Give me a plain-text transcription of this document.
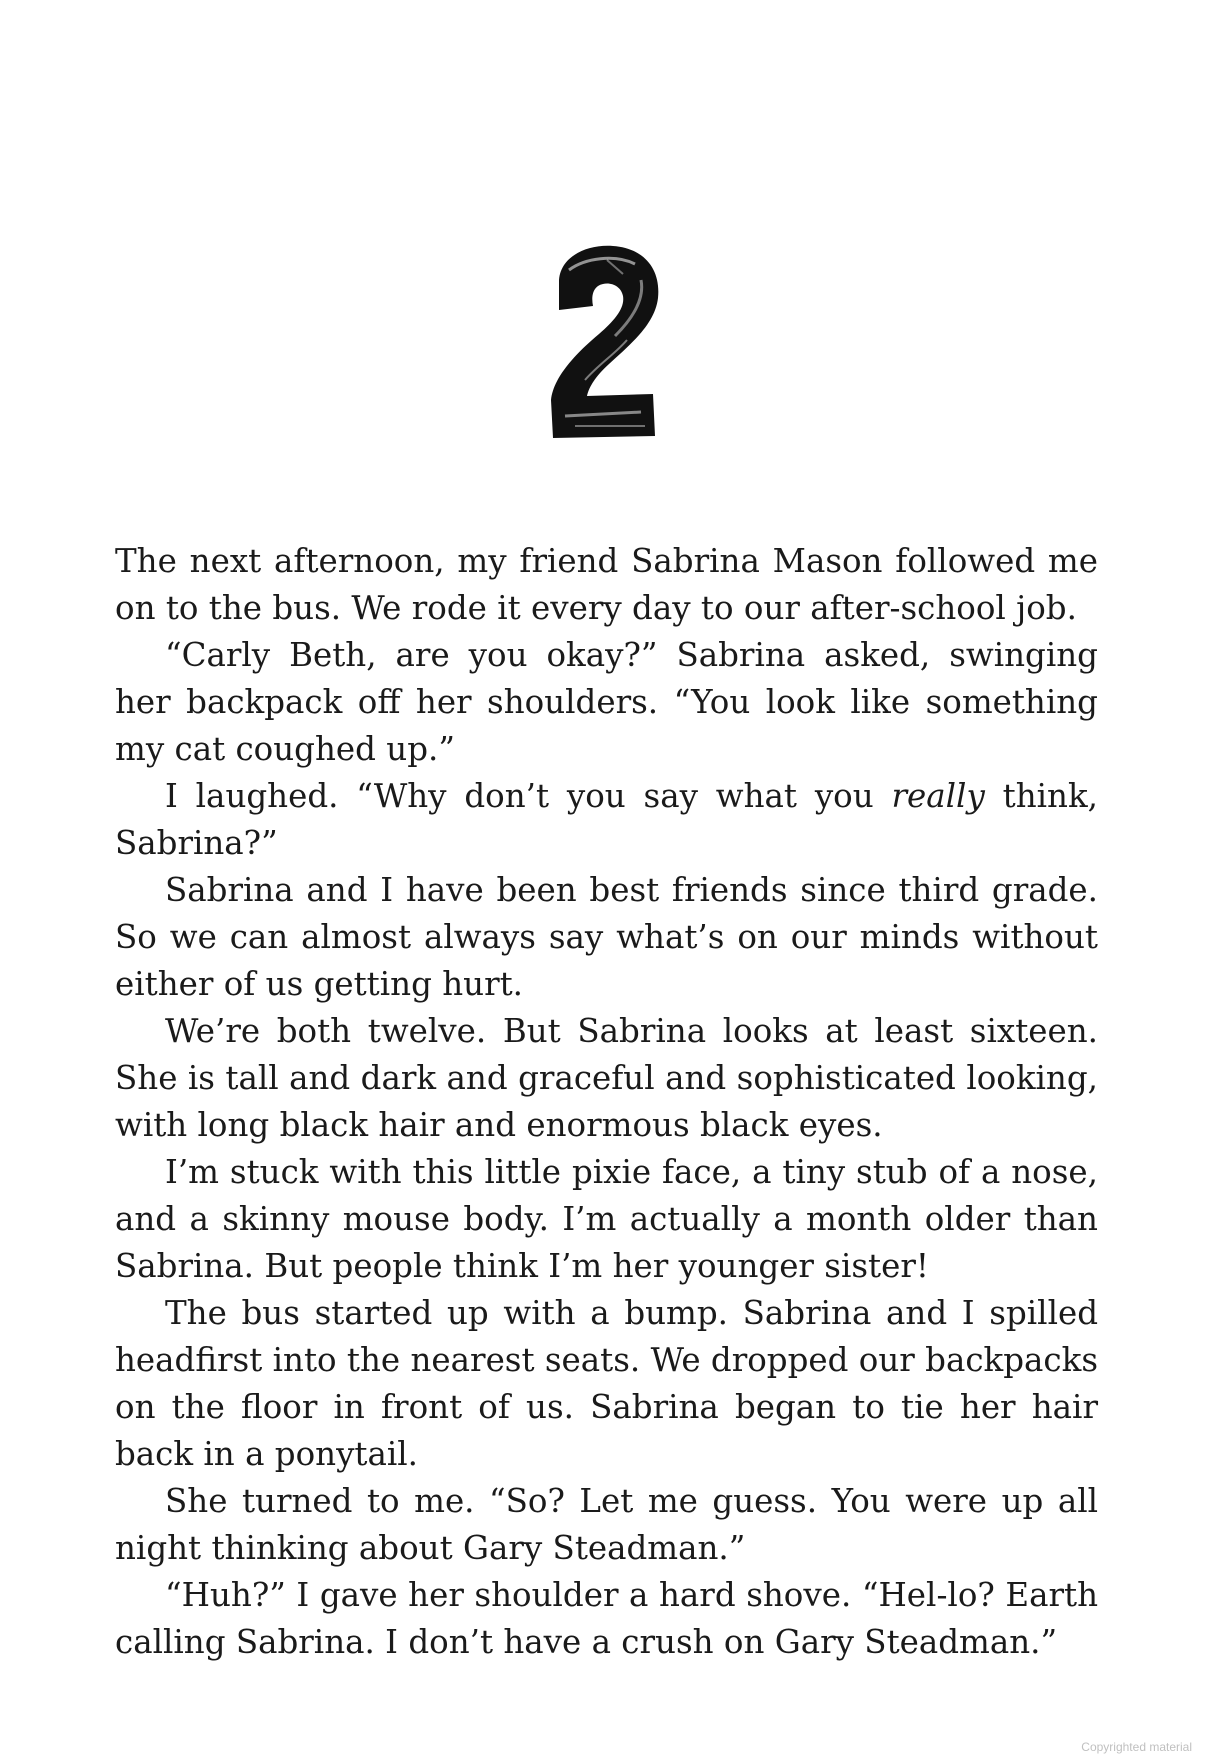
The next afternoon, my friend Sabrina Mason followed me on to the bus. We rode it every day to our after-school job.

“Carly Beth, are you okay?” Sabrina asked, swinging her backpack off her shoulders. “You look like something my cat coughed up.”

I laughed. “Why don’t you say what you really think, Sabrina?”

Sabrina and I have been best friends since third grade. So we can almost always say what’s on our minds without either of us getting hurt.

We’re both twelve. But Sabrina looks at least sixteen. She is tall and dark and graceful and sophisticated looking, with long black hair and enormous black eyes.

I’m stuck with this little pixie face, a tiny stub of a nose, and a skinny mouse body. I’m actually a month older than Sabrina. But people think I’m her younger sister!

The bus started up with a bump. Sabrina and I spilled headfirst into the nearest seats. We dropped our backpacks on the floor in front of us. Sabrina began to tie her hair back in a ponytail.

She turned to me. “So? Let me guess. You were up all night thinking about Gary Steadman.”

“Huh?” I gave her shoulder a hard shove. “Hel-lo? Earth calling Sabrina. I don’t have a crush on Gary Steadman.”

Copyrighted material
